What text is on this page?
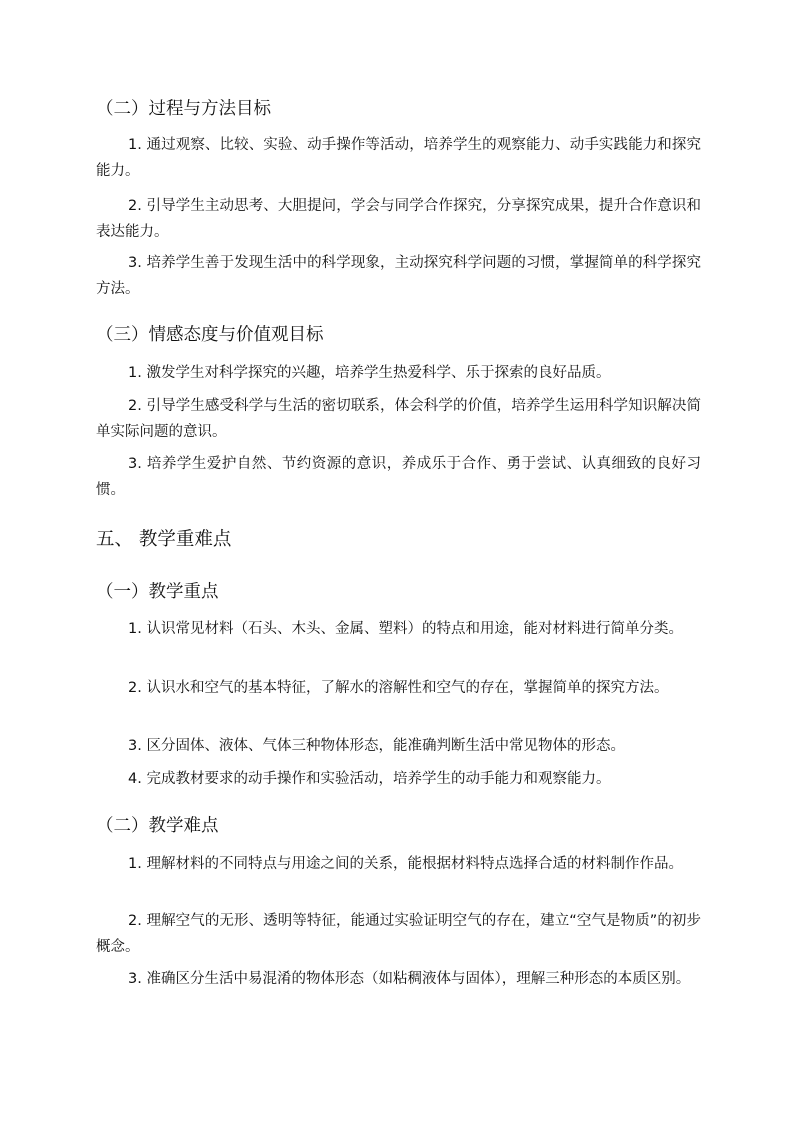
（二）过程与方法目标

1. 通过观察、比较、实验、动手操作等活动，培养学生的观察能力、动手实践能力和探究能力。

2. 引导学生主动思考、大胆提问，学会与同学合作探究，分享探究成果，提升合作意识和表达能力。

3. 培养学生善于发现生活中的科学现象，主动探究科学问题的习惯，掌握简单的科学探究方法。

（三）情感态度与价值观目标

1. 激发学生对科学探究的兴趣，培养学生热爱科学、乐于探索的良好品质。

2. 引导学生感受科学与生活的密切联系，体会科学的价值，培养学生运用科学知识解决简单实际问题的意识。

3. 培养学生爱护自然、节约资源的意识，养成乐于合作、勇于尝试、认真细致的良好习惯。

五、 教学重难点
（一）教学重点

1. 认识常见材料（石头、木头、金属、塑料）的特点和用途，能对材料进行简单分类。

2. 认识水和空气的基本特征，了解水的溶解性和空气的存在，掌握简单的探究方法。

3. 区分固体、液体、气体三种物体形态，能准确判断生活中常见物体的形态。

4. 完成教材要求的动手操作和实验活动，培养学生的动手能力和观察能力。

（二）教学难点

1. 理解材料的不同特点与用途之间的关系，能根据材料特点选择合适的材料制作作品。

2. 理解空气的无形、透明等特征，能通过实验证明空气的存在，建立“空气是物质”的初步概念。

3. 准确区分生活中易混淆的物体形态（如粘稠液体与固体），理解三种形态的本质区别。
